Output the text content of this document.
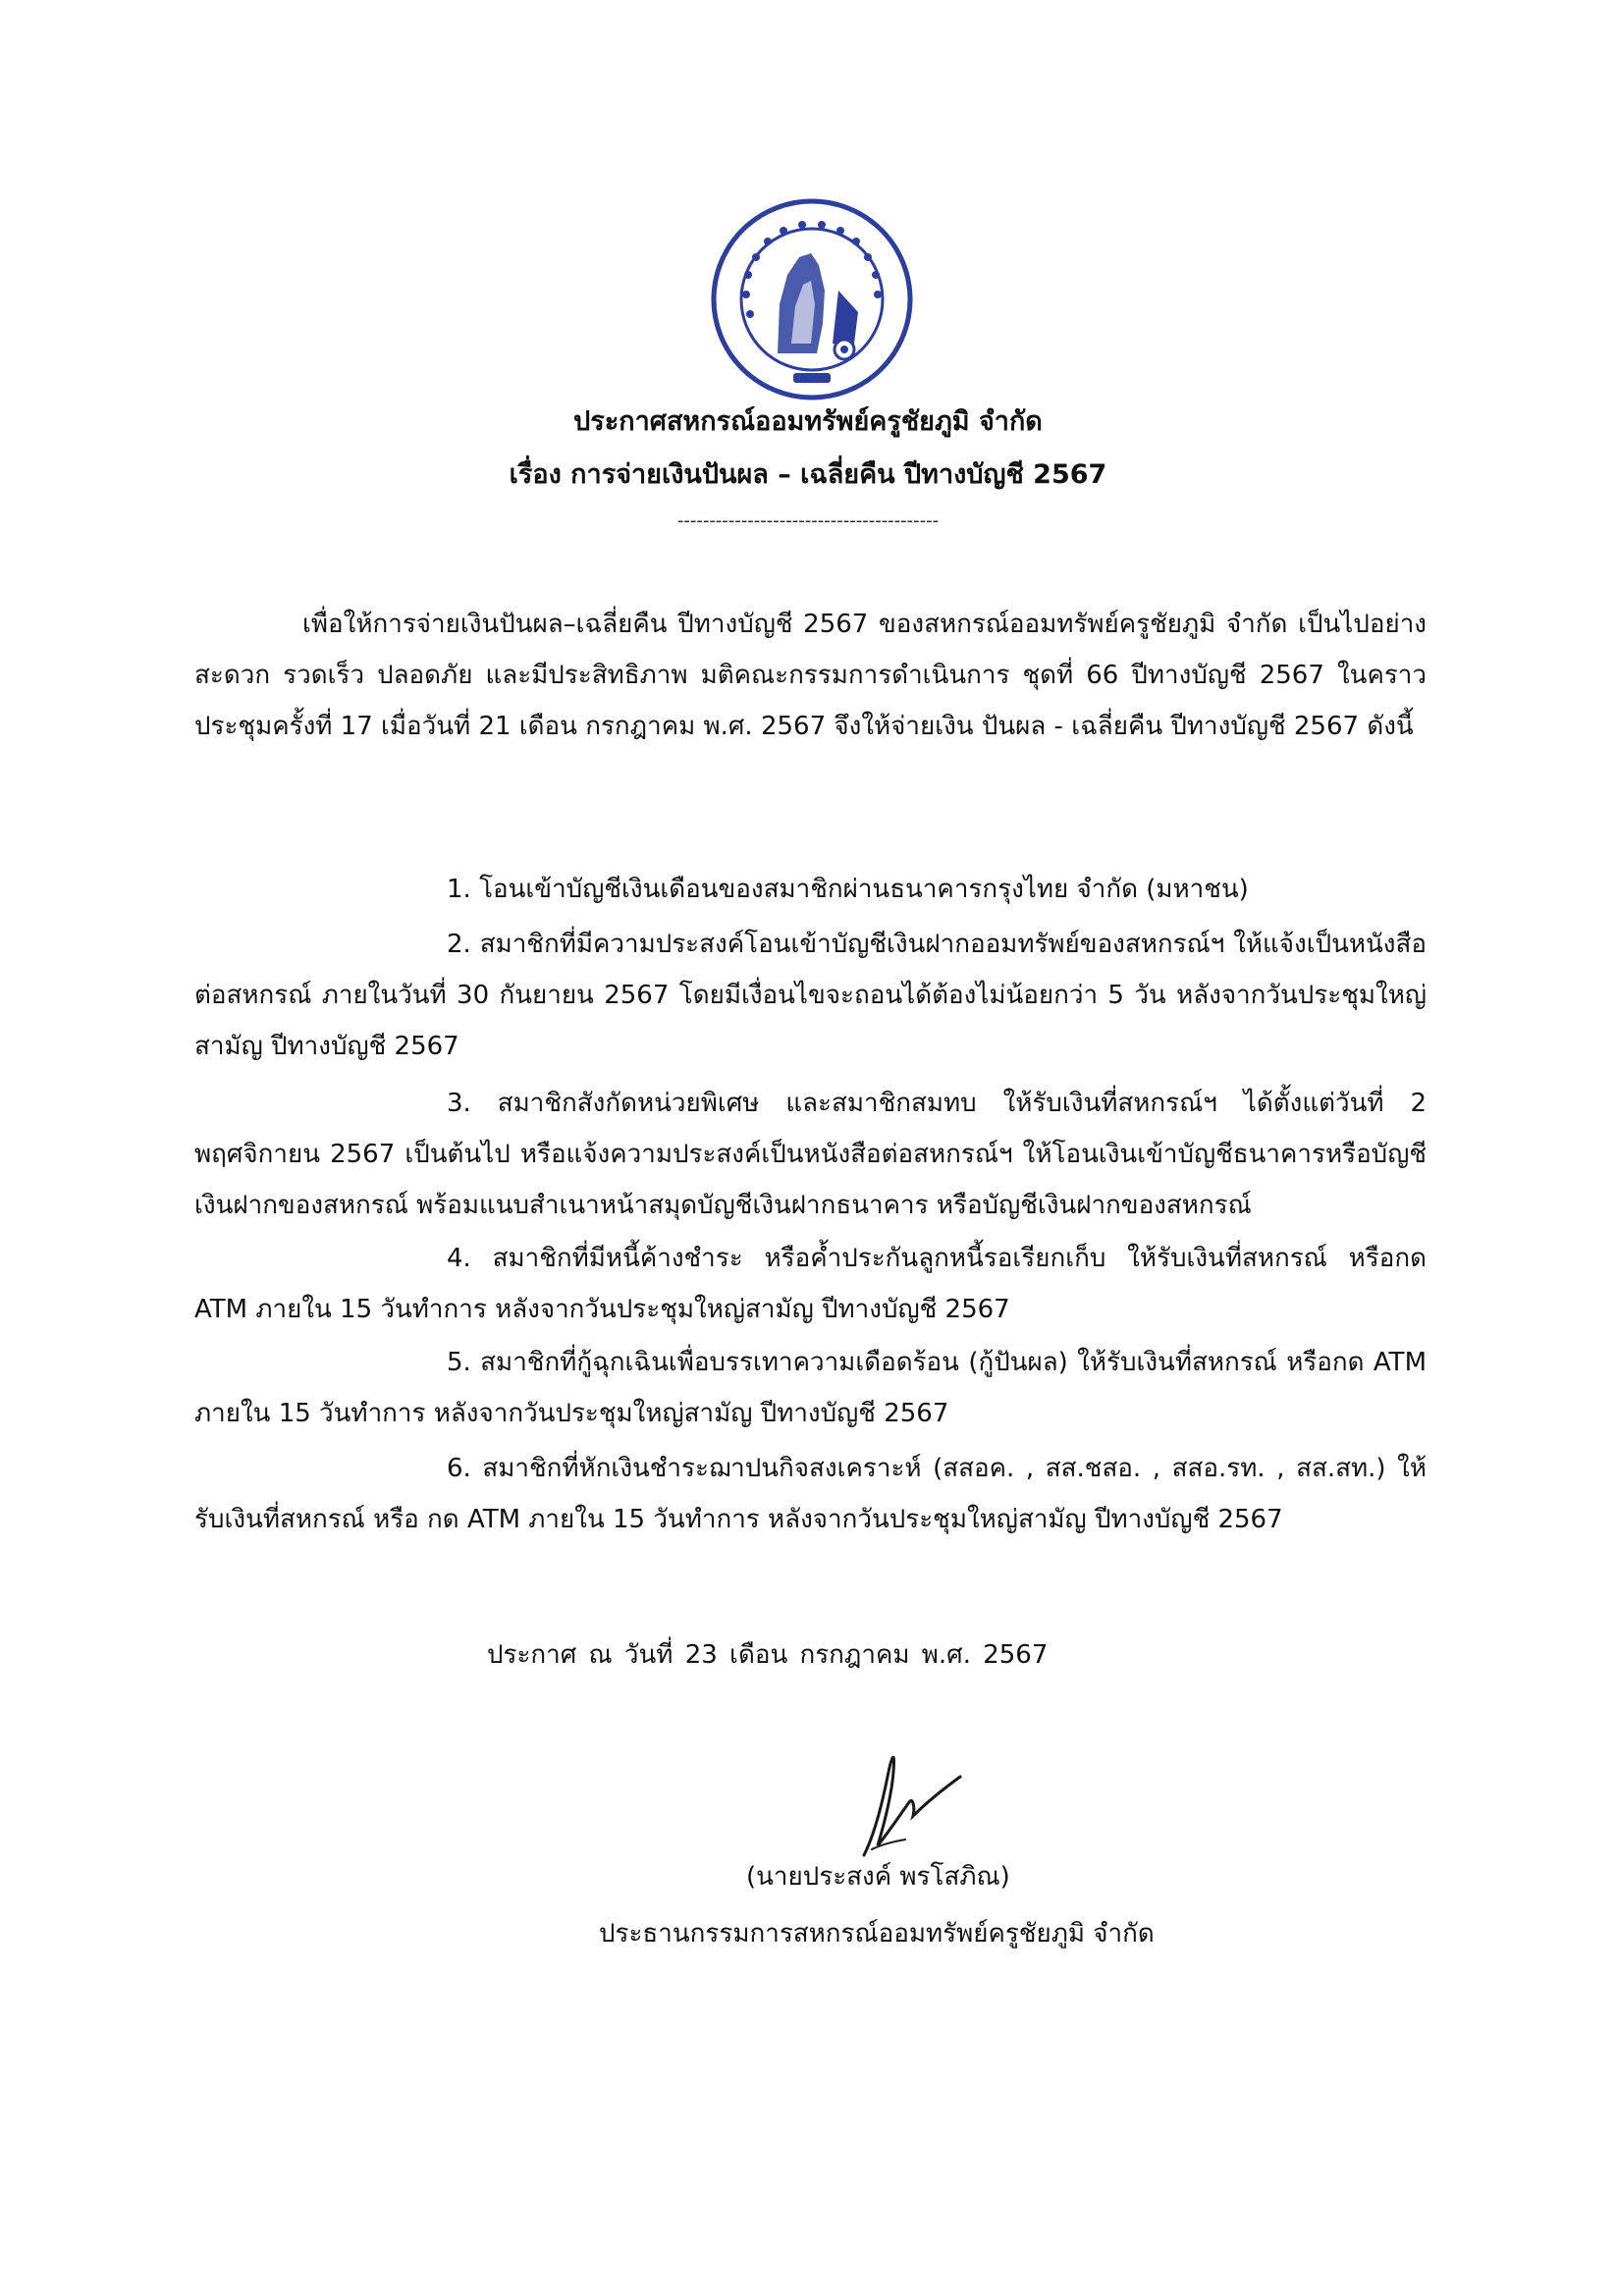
ประกาศสหกรณ์ออมทรัพย์ครูชัยภูมิ จำกัด
เรื่อง การจ่ายเงินปันผล – เฉลี่ยคืน ปีทางบัญชี 2567
-----------------------------------------
เพื่อให้การจ่ายเงินปันผล–เฉลี่ยคืน ปีทางบัญชี 2567 ของสหกรณ์ออมทรัพย์ครูชัยภูมิ จำกัด เป็นไปอย่างสะดวก รวดเร็ว ปลอดภัย และมีประสิทธิภาพ มติคณะกรรมการดำเนินการ ชุดที่ 66 ปีทางบัญชี 2567 ในคราวประชุมครั้งที่ 17 เมื่อวันที่ 21 เดือน กรกฎาคม พ.ศ. 2567 จึงให้จ่ายเงิน ปันผล - เฉลี่ยคืน ปีทางบัญชี 2567 ดังนี้
1. โอนเข้าบัญชีเงินเดือนของสมาชิกผ่านธนาคารกรุงไทย จำกัด (มหาชน)
2. สมาชิกที่มีความประสงค์โอนเข้าบัญชีเงินฝากออมทรัพย์ของสหกรณ์ฯ ให้แจ้งเป็นหนังสือต่อสหกรณ์ ภายในวันที่ 30 กันยายน 2567 โดยมีเงื่อนไขจะถอนได้ต้องไม่น้อยกว่า 5 วัน หลังจากวันประชุมใหญ่สามัญ ปีทางบัญชี 2567
3. สมาชิกสังกัดหน่วยพิเศษ และสมาชิกสมทบ ให้รับเงินที่สหกรณ์ฯ ได้ตั้งแต่วันที่ 2 พฤศจิกายน 2567 เป็นต้นไป หรือแจ้งความประสงค์เป็นหนังสือต่อสหกรณ์ฯ ให้โอนเงินเข้าบัญชีธนาคารหรือบัญชีเงินฝากของสหกรณ์ พร้อมแนบสำเนาหน้าสมุดบัญชีเงินฝากธนาคาร หรือบัญชีเงินฝากของสหกรณ์
4. สมาชิกที่มีหนี้ค้างชำระ หรือค้ำประกันลูกหนี้รอเรียกเก็บ ให้รับเงินที่สหกรณ์ หรือกด ATM ภายใน 15 วันทำการ หลังจากวันประชุมใหญ่สามัญ ปีทางบัญชี 2567
5. สมาชิกที่กู้ฉุกเฉินเพื่อบรรเทาความเดือดร้อน (กู้ปันผล) ให้รับเงินที่สหกรณ์ หรือกด ATM ภายใน 15 วันทำการ หลังจากวันประชุมใหญ่สามัญ ปีทางบัญชี 2567
6. สมาชิกที่หักเงินชำระฌาปนกิจสงเคราะห์ (สสอค. , สส.ชสอ. , สสอ.รท. , สส.สท.) ให้รับเงินที่สหกรณ์ หรือ กด ATM ภายใน 15 วันทำการ หลังจากวันประชุมใหญ่สามัญ ปีทางบัญชี 2567
ประกาศ ณ วันที่ 23 เดือน กรกฎาคม พ.ศ. 2567
(นายประสงค์ พรโสภิณ)
ประธานกรรมการสหกรณ์ออมทรัพย์ครูชัยภูมิ จำกัด
